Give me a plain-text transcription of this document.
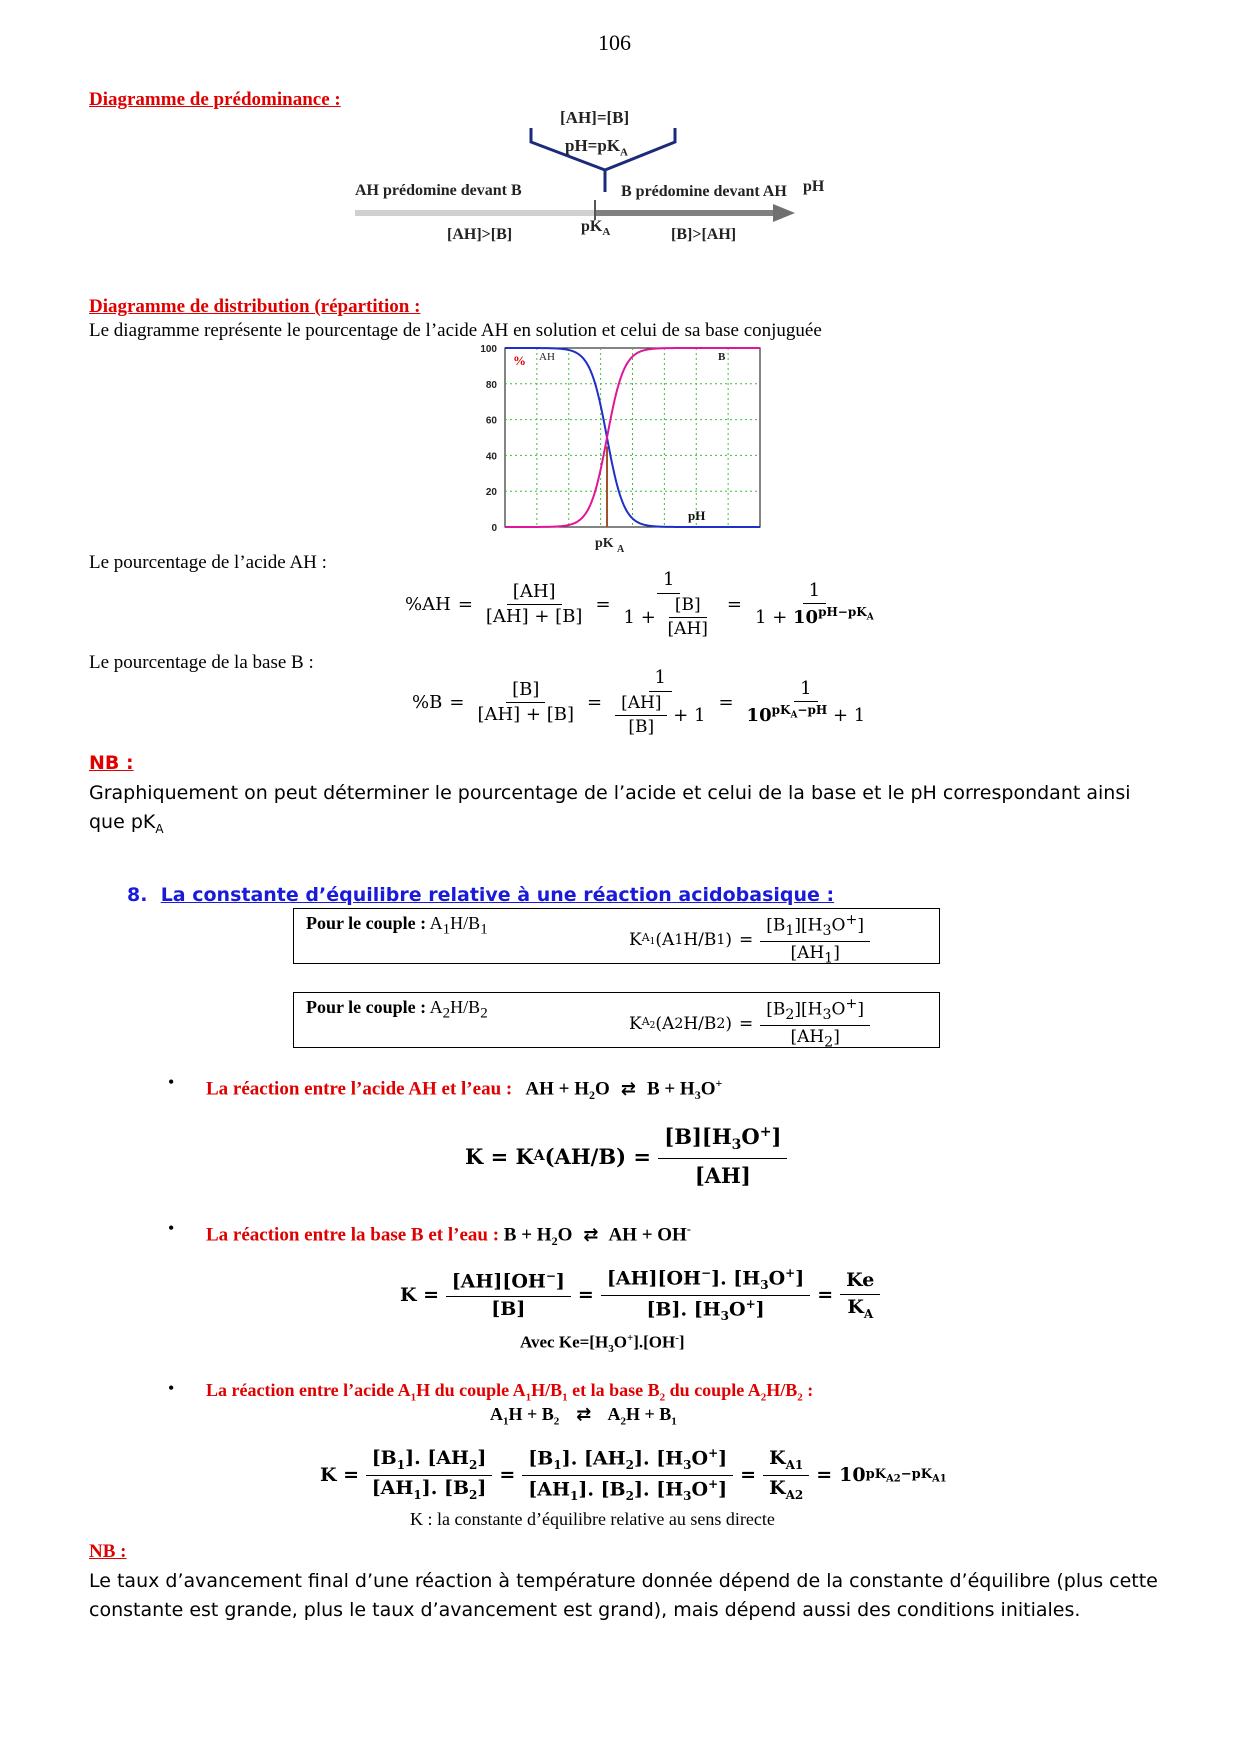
106
Diagramme de prédominance :
[AH]=[B]
$pH=pK_A$
AH prédomine devant B	B prédomine devant AH pH
[AH]>[B]	$pK_A$	[B]>[AH]
Diagramme de distribution (répartition :
Le diagramme représente le pourcentage de l’acide AH en solution et celui de sa base conjuguée
0
20
40
60
80
100
% AH	B
pH
pK A
Le pourcentage de l’acide AH :
$\%AH = \frac{[AH]}{[AH] + [B]} = \frac{1}{1 + \frac{[B]}{[AH]}} = \frac{1}{1 + 10^{pH-pK_A}}$
Le pourcentage de la base B :
$\%B = \frac{[B]}{[AH] + [B]} = \frac{1}{\frac{[AH]}{[B]} + 1} = \frac{1}{10^{pK_A-pH} + 1}$
NB :
Graphiquement on peut déterminer le pourcentage de l’acide et celui de la base et le pH correspondant ainsi que $pK_A$
8. La constante d’équilibre relative à une réaction acidobasique :
Pour le couple : $A_1H/B_1$	K $A_1$ (A 1 H/B 1 ) = $\frac{[B_1][H_3O^+]}{[AH_1]}$
Pour le couple : $A_2H/B_2$	K $A_2$ (A 2 H/B 2 ) = $\frac{[B_2][H_3O^+]}{[AH_2]}$
• La réaction entre l’acide AH et l’eau : AH + $H_2O$  ⇄  $B + H_3O^+$
K = K A (AH/B) =
$\frac{[B][H_3O^+]}{[AH]}$
• La réaction entre la base B et l’eau : $B + H_2O$  ⇄  AH + OH-
K =
$\frac{[AH][OH^-]}{[B]} = \frac{[AH][OH^-]. [H_3O^+]}{[B]. [H_3O^+]} = \frac{Ke}{K_A}$
Avec $Ke=[H_3O^+].[OH^-]$
• La réaction entre l’acide $A_1H$ du couple $A_1H/B_1$ et la base $B_2$ du couple $A_2H/B_2$ :
$A_1H + B_2$   ⇄   $A_2H + B_1$
K =
$\frac{[B_1]. [AH_2]}{[AH_1]. [B_2]} = \frac{[B_1]. [AH_2]. [H_3O^+]}{[AH_1]. [B_2]. [H_3O^+]} = \frac{K_{A1}}{K_{A2}} = 10$ $pK_{A2}-pK_{A1}$
K : la constante d’équilibre relative au sens directe
NB :
Le taux d’avancement final d’une réaction à température donnée dépend de la constante d’équilibre (plus cette constante est grande, plus le taux d’avancement est grand), mais dépend aussi des conditions initiales.
